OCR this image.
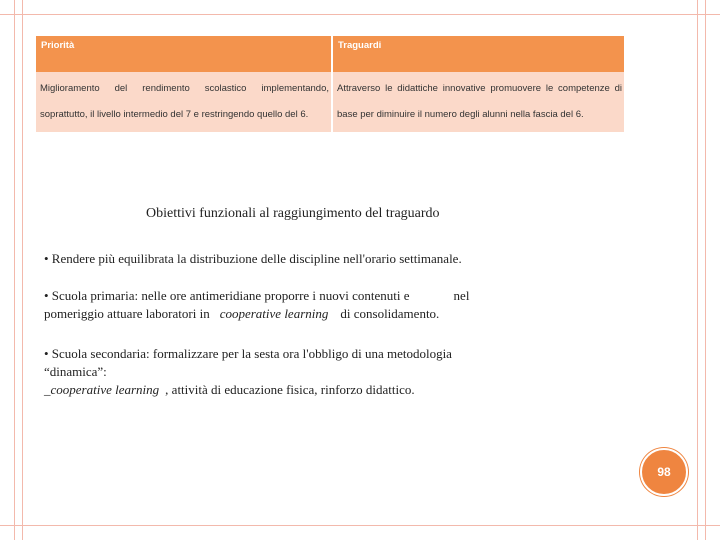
Priorità	Traguardi
Miglioramento del rendimento scolastico implementando, soprattutto, il livello intermedio del 7 e restringendo quello del 6.	Attraverso le didattiche innovative promuovere le competenze di base per diminuire il numero degli alunni nella fascia del 6.
Obiettivi funzionali al raggiungimento del traguardo
• Rendere più equilibrata la distribuzione delle discipline nell'orario settimanale.
• Scuola primaria: nelle ore antimeridiane proporre i nuovi contenuti e	nel
pomeriggio attuare laboratori in cooperative learning di consolidamento.
• Scuola secondaria: formalizzare per la sesta ora l'obbligo di una metodologia
“dinamica”:
_cooperative learning , attività di educazione fisica, rinforzo didattico.
98
